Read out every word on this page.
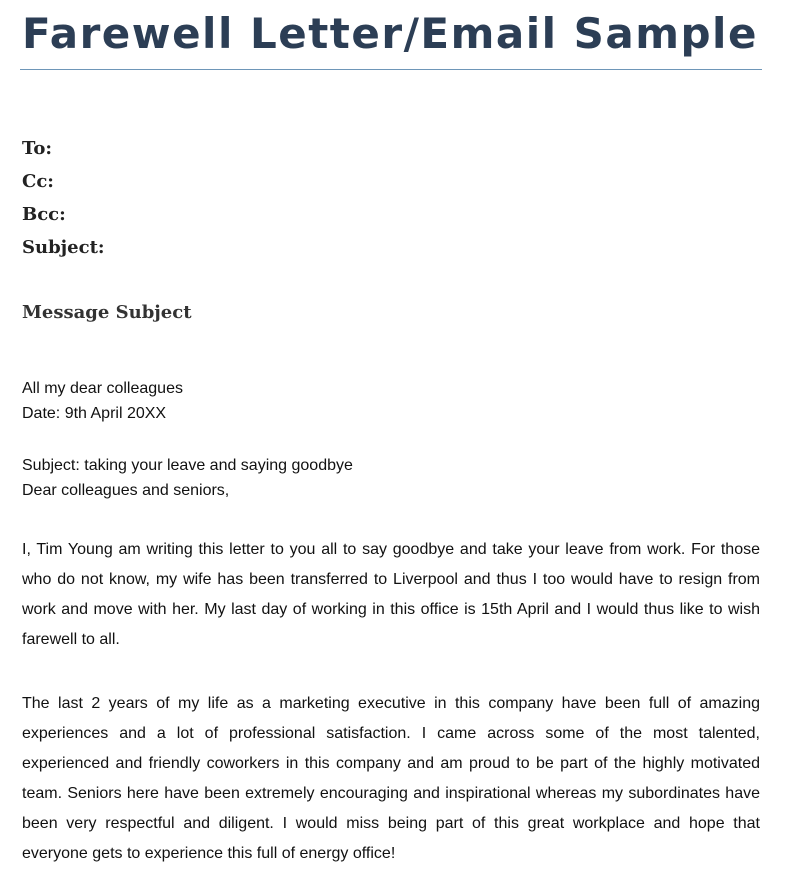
Farewell Letter/Email Sample
To:
Cc:
Bcc:
Subject:
Message Subject
All my dear colleagues
Date: 9th April 20XX
Subject: taking your leave and saying goodbye
Dear colleagues and seniors,

I, Tim Young am writing this letter to you all to say goodbye and take your leave from work. For those who do not know, my wife has been transferred to Liverpool and thus I too would have to resign from work and move with her. My last day of working in this office is 15th April and I would thus like to wish farewell to all.

The last 2 years of my life as a marketing executive in this company have been full of amazing experiences and a lot of professional satisfaction. I came across some of the most talented, experienced and friendly coworkers in this company and am proud to be part of the highly motivated team. Seniors here have been extremely encouraging and inspirational whereas my subordinates have been very respectful and diligent. I would miss being part of this great workplace and hope that everyone gets to experience this full of energy office!
